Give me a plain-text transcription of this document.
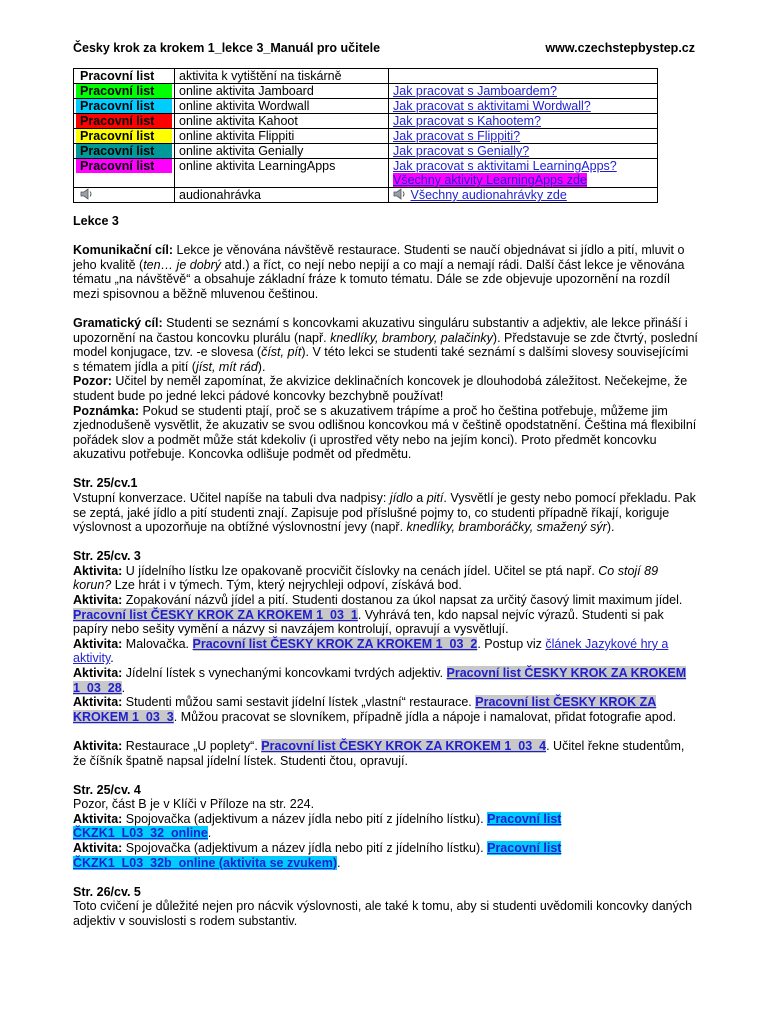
Česky krok za krokem 1_lekce 3_Manuál pro učitele	www.czechstepbystep.cz
Pracovní list	aktivita k vytištění na tiskárně	

Pracovní list	online aktivita Jamboard	Jak pracovat s Jamboardem?

Pracovní list	online aktivita Wordwall	Jak pracovat s aktivitami Wordwall?

Pracovní list	online aktivita Kahoot	Jak pracovat s Kahootem?

Pracovní list	online aktivita Flippiti	Jak pracovat s Flippiti?

Pracovní list	online aktivita Genially	Jak pracovat s Genially?

Pracovní list	online aktivita LearningApps	Jak pracovat s aktivitami LearningApps?
Všechny aktivity LearningApps zde
	audionahrávka	Všechny audionahrávky zde

Lekce 3

Komunikační cíl: Lekce je věnována návštěvě restaurace. Studenti se naučí objednávat si jídlo a pití, mluvit o jeho kvalitě (ten… je dobrý atd.) a říct, co nejí nebo nepijí a co mají a nemají rádi. Další část lekce je věnována tématu „na návštěvě“ a obsahuje základní fráze k tomuto tématu. Dále se zde objevuje upozornění na rozdíl mezi spisovnou a běžně mluvenou češtinou.

Gramatický cíl: Studenti se seznámí s koncovkami akuzativu singuláru substantiv a adjektiv, ale lekce přináší i upozornění na častou koncovku plurálu (např. knedlíky, brambory, palačinky). Představuje se zde čtvrtý, poslední model konjugace, tzv. -e slovesa (číst, pít). V této lekci se studenti také seznámí s dalšími slovesy souvisejícími s tématem jídla a pití (jíst, mít rád).

Pozor: Učitel by neměl zapomínat, že akvizice deklinačních koncovek je dlouhodobá záležitost. Nečekejme, že student bude po jedné lekci pádové koncovky bezchybně používat!

Poznámka: Pokud se studenti ptají, proč se s akuzativem trápíme a proč ho čeština potřebuje, můžeme jim zjednodušeně vysvětlit, že akuzativ se svou odlišnou koncovkou má v češtině opodstatnění. Čeština má flexibilní pořádek slov a podmět může stát kdekoliv (i uprostřed věty nebo na jejím konci). Proto předmět koncovku akuzativu potřebuje. Koncovka odlišuje podmět od předmětu.

Str. 25/cv.1

Vstupní konverzace. Učitel napíše na tabuli dva nadpisy: jídlo a pití. Vysvětlí je gesty nebo pomocí překladu. Pak se zeptá, jaké jídlo a pití studenti znají. Zapisuje pod příslušné pojmy to, co studenti případně říkají, koriguje výslovnost a upozorňuje na obtížné výslovnostní jevy (např. knedlíky, bramboráčky, smažený sýr).

Str. 25/cv. 3

Aktivita: U jídelního lístku lze opakovaně procvičit číslovky na cenách jídel. Učitel se ptá např. Co stojí 89 korun? Lze hrát i v týmech. Tým, který nejrychleji odpoví, získává bod.

Aktivita: Zopakování názvů jídel a pití. Studenti dostanou za úkol napsat za určitý časový limit maximum jídel. Pracovní list ČESKY KROK ZA KROKEM 1_03_1. Vyhrává ten, kdo napsal nejvíc výrazů. Studenti si pak papíry nebo sešity vymění a názvy si navzájem kontrolují, opravují a vysvětlují.

Aktivita: Malovačka. Pracovní list ČESKY KROK ZA KROKEM 1_03_2. Postup viz článek Jazykové hry a aktivity.

Aktivita: Jídelní lístek s vynechanými koncovkami tvrdých adjektiv. Pracovní list ČESKY KROK ZA KROKEM 1_03_28.

Aktivita: Studenti můžou sami sestavit jídelní lístek „vlastní“ restaurace. Pracovní list ČESKY KROK ZA KROKEM 1_03_3. Můžou pracovat se slovníkem, případně jídla a nápoje i namalovat, přidat fotografie apod.

Aktivita: Restaurace „U poplety“. Pracovní list ČESKY KROK ZA KROKEM 1_03_4. Učitel řekne studentům, že číšník špatně napsal jídelní lístek. Studenti čtou, opravují.

Str. 25/cv. 4

Pozor, část B je v Klíči v Příloze na str. 224.

Aktivita: Spojovačka (adjektivum a název jídla nebo pití z jídelního lístku). Pracovní list ČKZK1_L03_32_online.

Aktivita: Spojovačka (adjektivum a název jídla nebo pití z jídelního lístku). Pracovní list ČKZK1_L03_32b_online (aktivita se zvukem).

Str. 26/cv. 5

Toto cvičení je důležité nejen pro nácvik výslovnosti, ale také k tomu, aby si studenti uvědomili koncovky daných adjektiv v souvislosti s rodem substantiv.
